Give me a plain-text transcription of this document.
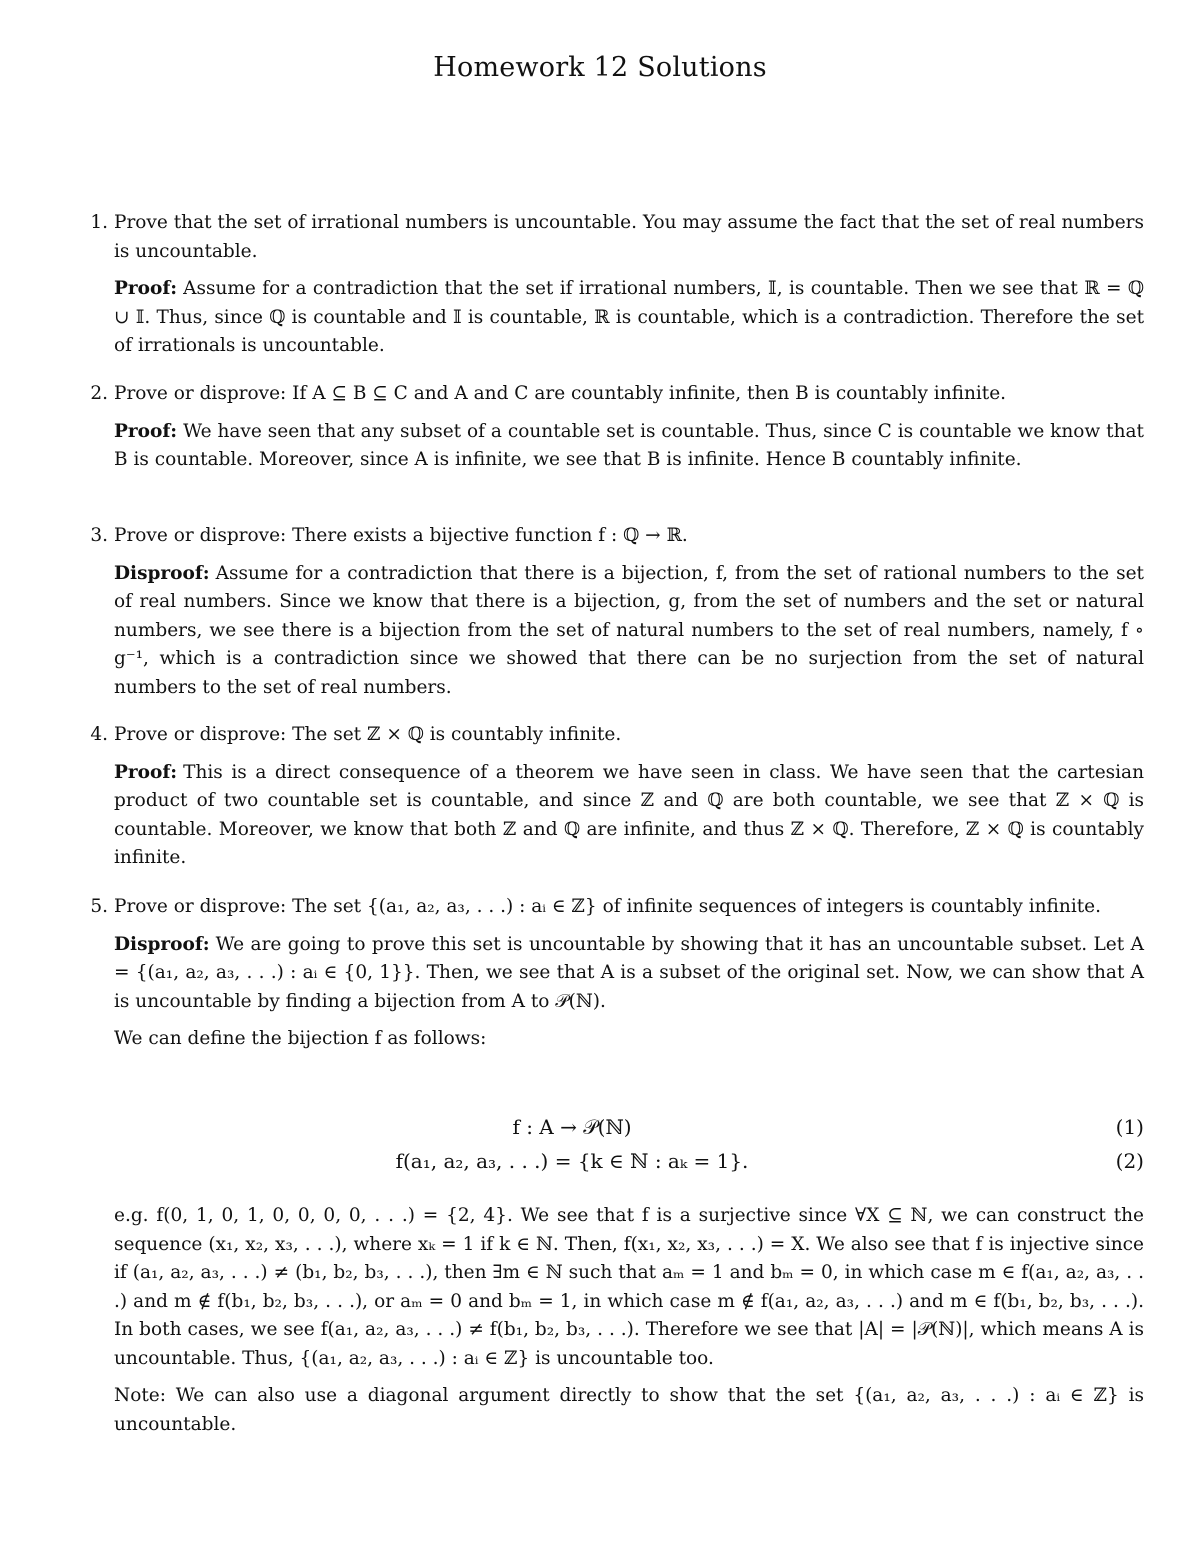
Homework 12 Solutions
1. Prove that the set of irrational numbers is uncountable. You may assume the fact that the set of real numbers is uncountable.
Proof: Assume for a contradiction that the set if irrational numbers, 𝕀, is countable. Then we see that ℝ = ℚ ∪ 𝕀. Thus, since ℚ is countable and 𝕀 is countable, ℝ is countable, which is a contradiction. Therefore the set of irrationals is uncountable.
2. Prove or disprove: If A ⊆ B ⊆ C and A and C are countably infinite, then B is countably infinite.
Proof: We have seen that any subset of a countable set is countable. Thus, since C is countable we know that B is countable. Moreover, since A is infinite, we see that B is infinite. Hence B countably infinite.
3. Prove or disprove: There exists a bijective function f : ℚ → ℝ.
Disproof: Assume for a contradiction that there is a bijection, f, from the set of rational numbers to the set of real numbers. Since we know that there is a bijection, g, from the set of numbers and the set or natural numbers, we see there is a bijection from the set of natural numbers to the set of real numbers, namely, f ∘ g⁻¹, which is a contradiction since we showed that there can be no surjection from the set of natural numbers to the set of real numbers.
4. Prove or disprove: The set ℤ × ℚ is countably infinite.
Proof: This is a direct consequence of a theorem we have seen in class. We have seen that the cartesian product of two countable set is countable, and since ℤ and ℚ are both countable, we see that ℤ × ℚ is countable. Moreover, we know that both ℤ and ℚ are infinite, and thus ℤ × ℚ. Therefore, ℤ × ℚ is countably infinite.
5. Prove or disprove: The set {(a₁, a₂, a₃, . . .) : aᵢ ∈ ℤ} of infinite sequences of integers is countably infinite.
Disproof: We are going to prove this set is uncountable by showing that it has an uncountable subset. Let A = {(a₁, a₂, a₃, . . .) : aᵢ ∈ {0, 1}}. Then, we see that A is a subset of the original set. Now, we can show that A is uncountable by finding a bijection from A to 𝒫(ℕ).
We can define the bijection f as follows:
f : A → 𝒫(ℕ)	(1)
f(a₁, a₂, a₃, . . .) = {k ∈ ℕ : aₖ = 1}.	(2)
e.g. f(0, 1, 0, 1, 0, 0, 0, 0, . . .) = {2, 4}. We see that f is a surjective since ∀X ⊆ ℕ, we can construct the sequence (x₁, x₂, x₃, . . .), where xₖ = 1 if k ∈ ℕ. Then, f(x₁, x₂, x₃, . . .) = X. We also see that f is injective since if (a₁, a₂, a₃, . . .) ≠ (b₁, b₂, b₃, . . .), then ∃m ∈ ℕ such that aₘ = 1 and bₘ = 0, in which case m ∈ f(a₁, a₂, a₃, . . .) and m ∉ f(b₁, b₂, b₃, . . .), or aₘ = 0 and bₘ = 1, in which case m ∉ f(a₁, a₂, a₃, . . .) and m ∈ f(b₁, b₂, b₃, . . .). In both cases, we see f(a₁, a₂, a₃, . . .) ≠ f(b₁, b₂, b₃, . . .). Therefore we see that |A| = |𝒫(ℕ)|, which means A is uncountable. Thus, {(a₁, a₂, a₃, . . .) : aᵢ ∈ ℤ} is uncountable too.
Note: We can also use a diagonal argument directly to show that the set {(a₁, a₂, a₃, . . .) : aᵢ ∈ ℤ} is uncountable.
